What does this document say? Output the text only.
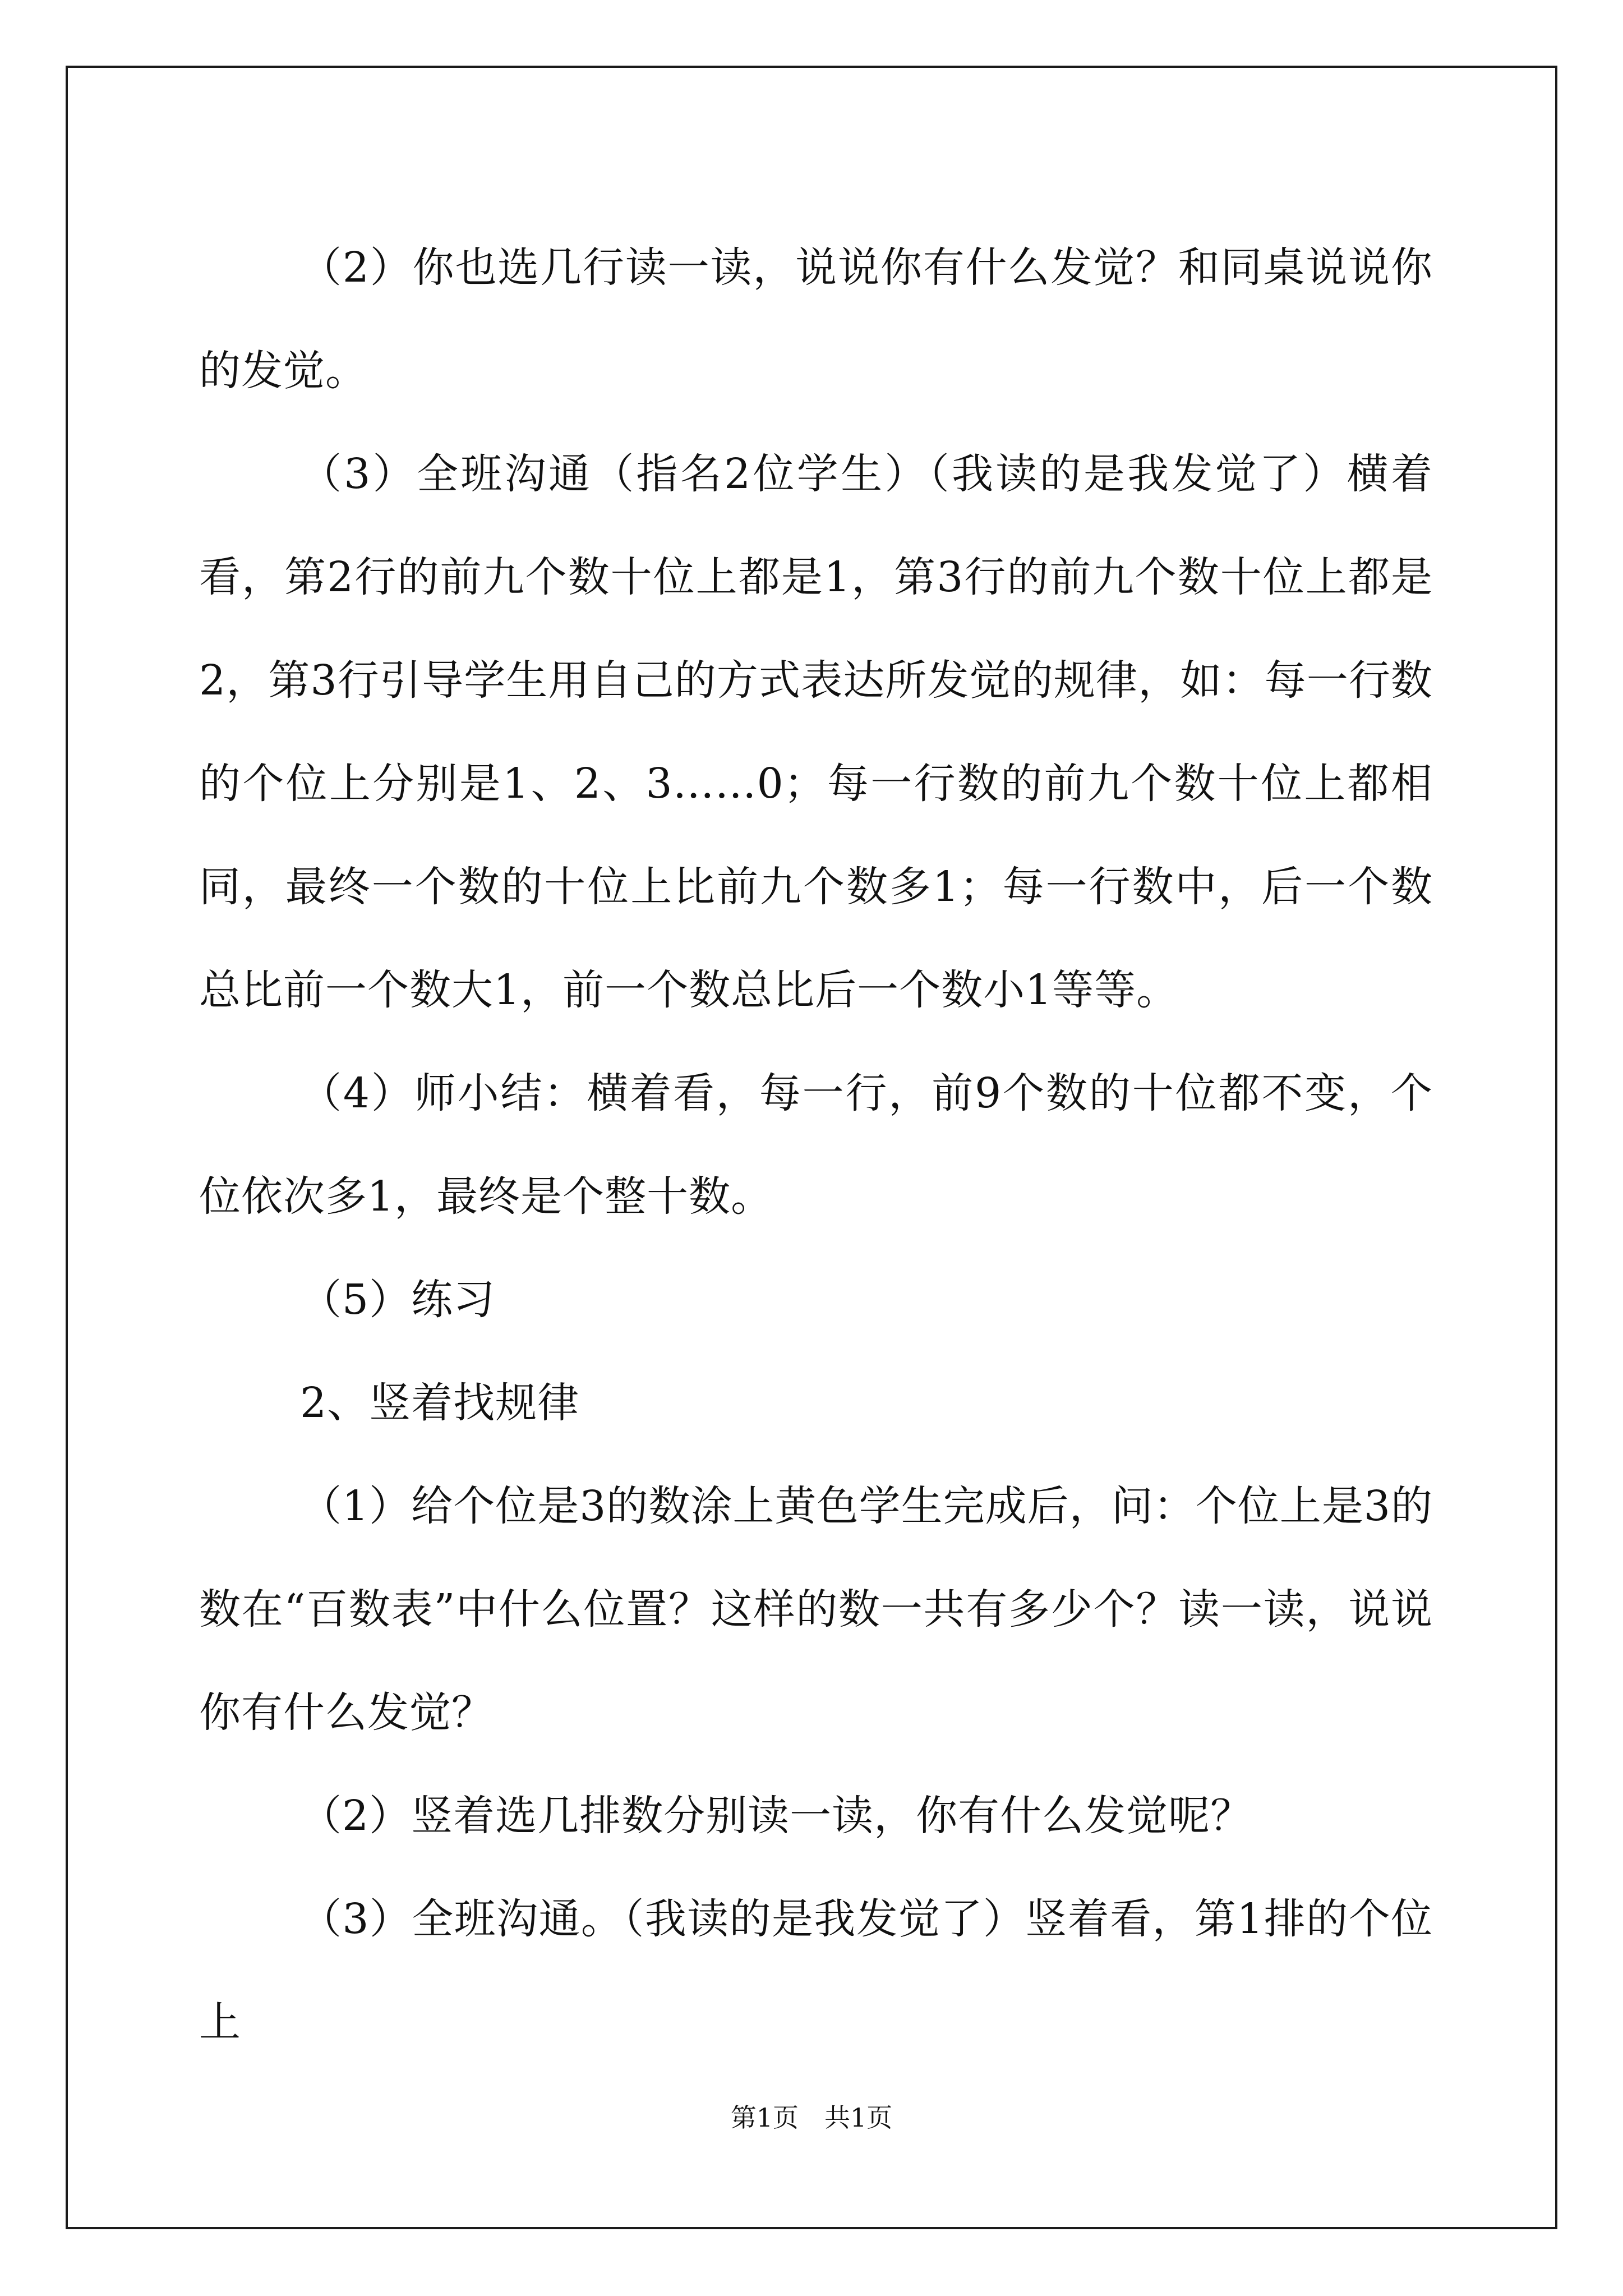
（2）你也选几行读一读，说说你有什么发觉？和同桌说说你的发觉。

（3）全班沟通（指名2位学生）（我读的是我发觉了）横着看，第2行的前九个数十位上都是1，第3行的前九个数十位上都是2，第3行引导学生用自己的方式表达所发觉的规律，如：每一行数的个位上分别是1、2、3……0；每一行数的前九个数十位上都相同，最终一个数的十位上比前九个数多1；每一行数中，后一个数总比前一个数大1，前一个数总比后一个数小1等等。

（4）师小结：横着看，每一行，前9个数的十位都不变，个位依次多1，最终是个整十数。

（5）练习

2、竖着找规律

（1）给个位是3的数涂上黄色学生完成后，问：个位上是3的数在“百数表”中什么位置？这样的数一共有多少个？读一读，说说你有什么发觉？

（2）竖着选几排数分别读一读，你有什么发觉呢？

（3）全班沟通。（我读的是我发觉了）竖着看，第1排的个位上

第1页　共1页
